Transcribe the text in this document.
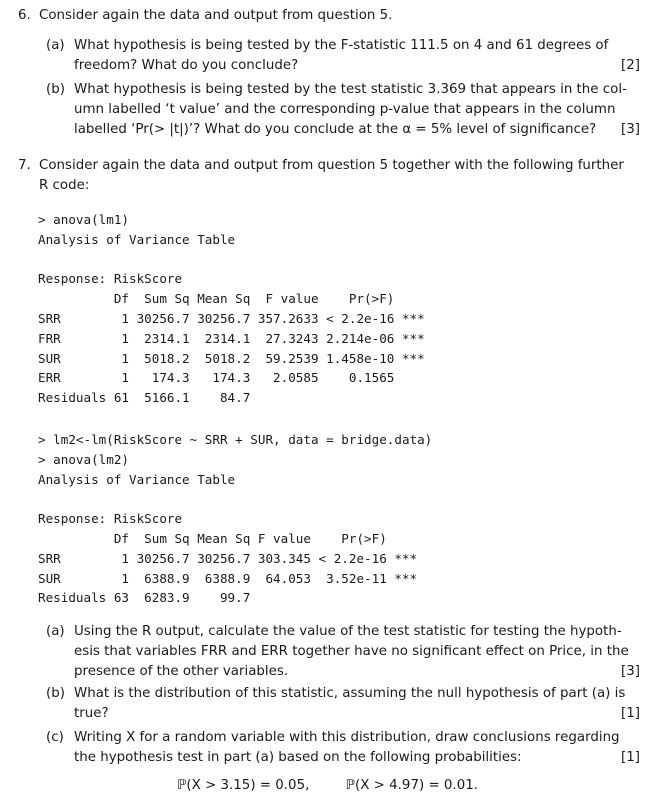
6. Consider again the data and output from question 5.
(a) What hypothesis is being tested by the F-statistic 111.5 on 4 and 61 degrees of
freedom? What do you conclude?	[2]
(b) What hypothesis is being tested by the test statistic 3.369 that appears in the col-
umn labelled ‘t value’ and the corresponding p-value that appears in the column
labelled ‘Pr(> |t|)’? What do you conclude at the α = 5% level of significance?	[3]
7. Consider again the data and output from question 5 together with the following further
R code:
> anova(lm1)
Analysis of Variance Table

Response: RiskScore
Df  Sum Sq Mean Sq  F value    Pr(>F)
SRR        1 30256.7 30256.7 357.2633 < 2.2e-16 ***
FRR        1  2314.1  2314.1  27.3243 2.214e-06 ***
SUR        1  5018.2  5018.2  59.2539 1.458e-10 ***
ERR        1   174.3   174.3   2.0585    0.1565
Residuals 61  5166.1    84.7
> lm2<-lm(RiskScore ~ SRR + SUR, data = bridge.data)
> anova(lm2)
Analysis of Variance Table

Response: RiskScore
Df  Sum Sq Mean Sq F value    Pr(>F)
SRR        1 30256.7 30256.7 303.345 < 2.2e-16 ***
SUR        1  6388.9  6388.9  64.053  3.52e-11 ***
Residuals 63  6283.9    99.7
(a) Using the R output, calculate the value of the test statistic for testing the hypoth-
esis that variables FRR and ERR together have no significant effect on Price, in the
presence of the other variables.	[3]
(b) What is the distribution of this statistic, assuming the null hypothesis of part (a) is
true?	[1]
(c) Writing X for a random variable with this distribution, draw conclusions regarding
the hypothesis test in part (a) based on the following probabilities:	[1]
ℙ(X > 3.15) = 0.05,	ℙ(X > 4.97) = 0.01.
